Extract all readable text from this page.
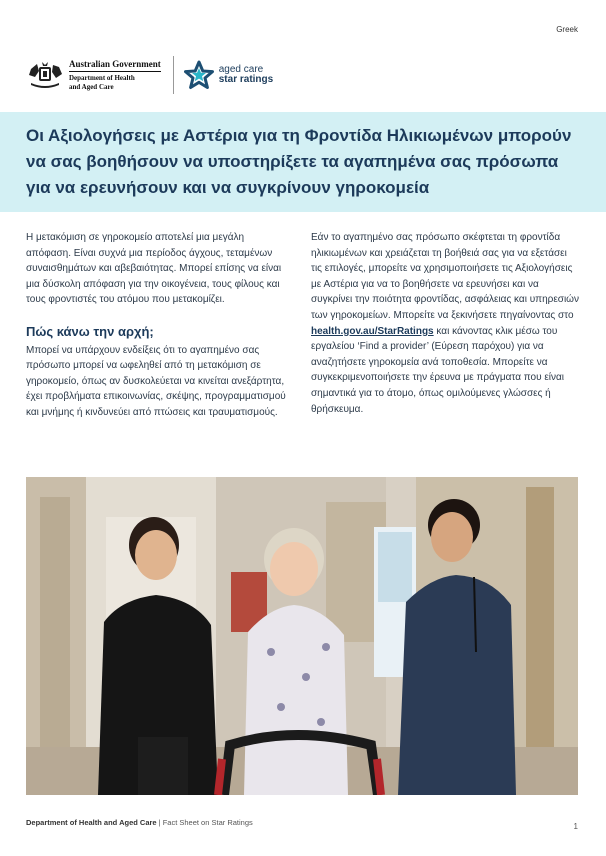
Greek
Australian Government
Department of Health
and Aged Care
aged care
star ratings
Οι Αξιολογήσεις με Αστέρια για τη Φροντίδα Ηλικιωμένων μπορούν να σας βοηθήσουν να υποστηρίξετε τα αγαπημένα σας πρόσωπα για να ερευνήσουν και να συγκρίνουν γηροκομεία

Η μετακόμιση σε γηροκομείο αποτελεί μια μεγάλη απόφαση. Είναι συχνά μια περίοδος άγχους, τεταμένων συναισθημάτων και αβεβαιότητας. Μπορεί επίσης να είναι μια δύσκολη απόφαση για την οικογένεια, τους φίλους και τους φροντιστές του ατόμου που μετακομίζει.

Πώς κάνω την αρχή;

Μπορεί να υπάρχουν ενδείξεις ότι το αγαπημένο σας πρόσωπο μπορεί να ωφεληθεί από τη μετακόμιση σε γηροκομείο, όπως αν δυσκολεύεται να κινείται ανεξάρτητα, έχει προβλήματα επικοινωνίας, σκέψης, προγραμματισμού και μνήμης ή κινδυνεύει από πτώσεις και τραυματισμούς.

Εάν το αγαπημένο σας πρόσωπο σκέφτεται τη φροντίδα ηλικιωμένων και χρειάζεται τη βοήθειά σας για να εξετάσει τις επιλογές, μπορείτε να χρησιμοποιήσετε τις Αξιολογήσεις με Αστέρια για να το βοηθήσετε να ερευνήσει και να συγκρίνει την ποιότητα φροντίδας, ασφάλειας και υπηρεσιών των γηροκομείων. Μπορείτε να ξεκινήσετε πηγαίνοντας στο health.gov.au/StarRatings και κάνοντας κλικ μέσω του εργαλείου ‘Find a provider’ (Εύρεση παρόχου) για να αναζητήσετε γηροκομεία ανά τοποθεσία. Μπορείτε να συγκεκριμενοποιήσετε την έρευνα με πράγματα που είναι σημαντικά για το άτομο, όπως ομιλούμενες γλώσσες ή θρήσκευμα.

Department of Health and Aged Care | Fact Sheet on Star Ratings	1
